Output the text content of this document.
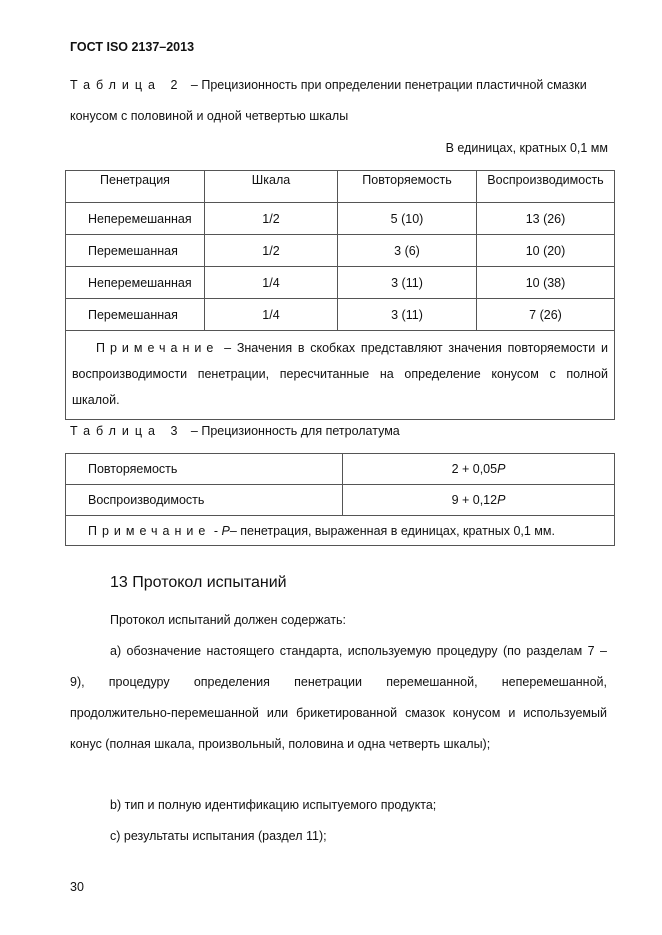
ГОСТ ISO 2137–2013
Таблица 2 – Прецизионность при определении пенетрации пластичной смазки
конусом с половиной и одной четвертью шкалы
В единицах, кратных 0,1 мм
Пенетрация	Шкала	Повторяемость	Воспроизводимость
Неперемешанная	1/2	5 (10)	13 (26)
Перемешанная	1/2	3 (6)	10 (20)
Неперемешанная	1/4	3 (11)	10 (38)
Перемешанная	1/4	3 (11)	7 (26)
Примечание – Значения в скобках представляют значения повторяемости и воспроизводимости пенетрации, пересчитанные на определение конусом с полной шкалой.			
Таблица 3 – Прецизионность для петролатума
Повторяемость	2 + 0,05P
Воспроизводимость	9 + 0,12P
Примечание - P– пенетрация, выраженная в единицах, кратных 0,1 мм.	
13 Протокол испытаний
Протокол испытаний должен содержать:
а) обозначение настоящего стандарта, используемую процедуру (по разделам 7 – 9), процедуру определения пенетрации перемешанной, неперемешанной, продолжительно-перемешанной или брикетированной смазок конусом и используемый конус (полная шкала, произвольный, половина и одна четверть шкалы);
b) тип и полную идентификацию испытуемого продукта;
c) результаты испытания (раздел 11);
30
